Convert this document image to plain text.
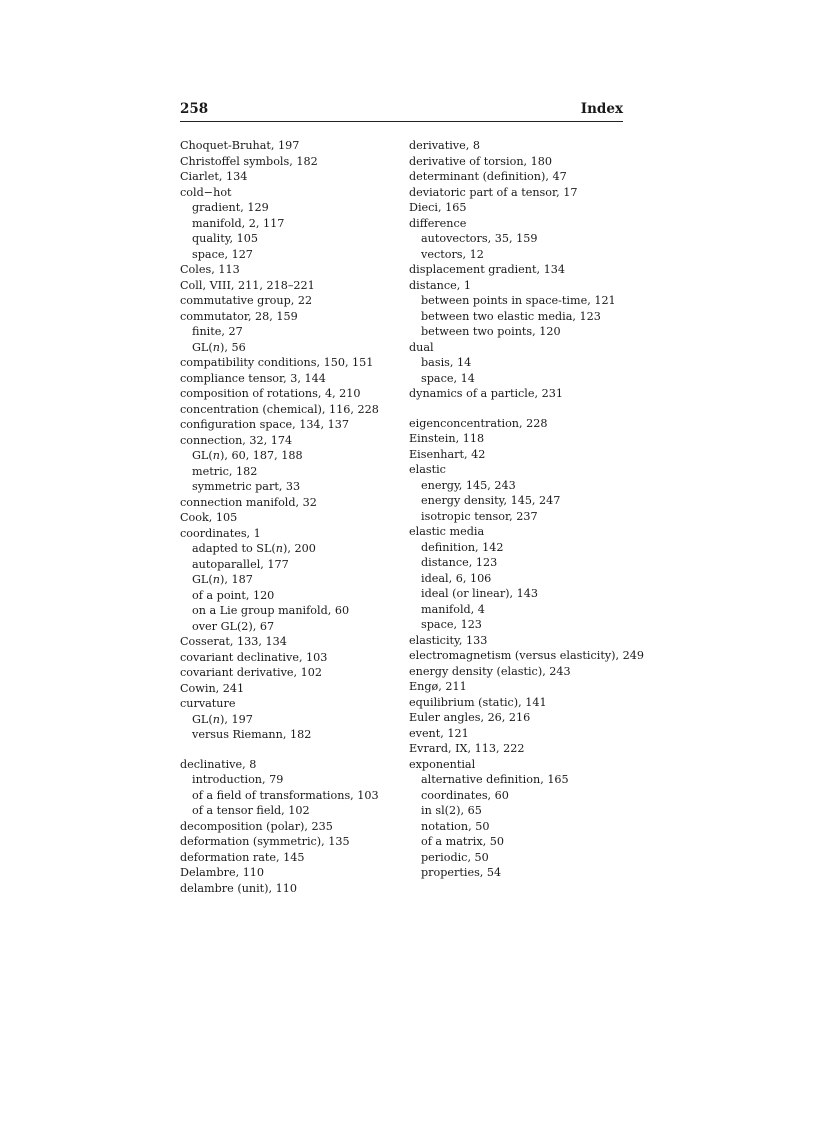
258	Index
Choquet-Bruhat, 197
Christoffel symbols, 182
Ciarlet, 134
cold−hot
gradient, 129
manifold, 2, 117
quality, 105
space, 127
Coles, 113
Coll, VIII, 211, 218–221
commutative group, 22
commutator, 28, 159
finite, 27
GL(n), 56
compatibility conditions, 150, 151
compliance tensor, 3, 144
composition of rotations, 4, 210
concentration (chemical), 116, 228
configuration space, 134, 137
connection, 32, 174
GL(n), 60, 187, 188
metric, 182
symmetric part, 33
connection manifold, 32
Cook, 105
coordinates, 1
adapted to SL(n), 200
autoparallel, 177
GL(n), 187
of a point, 120
on a Lie group manifold, 60
over GL(2), 67
Cosserat, 133, 134
covariant declinative, 103
covariant derivative, 102
Cowin, 241
curvature
GL(n), 197
versus Riemann, 182
declinative, 8
introduction, 79
of a field of transformations, 103
of a tensor field, 102
decomposition (polar), 235
deformation (symmetric), 135
deformation rate, 145
Delambre, 110
delambre (unit), 110
derivative, 8
derivative of torsion, 180
determinant (definition), 47
deviatoric part of a tensor, 17
Dieci, 165
difference
autovectors, 35, 159
vectors, 12
displacement gradient, 134
distance, 1
between points in space-time, 121
between two elastic media, 123
between two points, 120
dual
basis, 14
space, 14
dynamics of a particle, 231
eigenconcentration, 228
Einstein, 118
Eisenhart, 42
elastic
energy, 145, 243
energy density, 145, 247
isotropic tensor, 237
elastic media
definition, 142
distance, 123
ideal, 6, 106
ideal (or linear), 143
manifold, 4
space, 123
elasticity, 133
electromagnetism (versus elasticity), 249
energy density (elastic), 243
Engø, 211
equilibrium (static), 141
Euler angles, 26, 216
event, 121
Evrard, IX, 113, 222
exponential
alternative definition, 165
coordinates, 60
in sl(2), 65
notation, 50
of a matrix, 50
periodic, 50
properties, 54
